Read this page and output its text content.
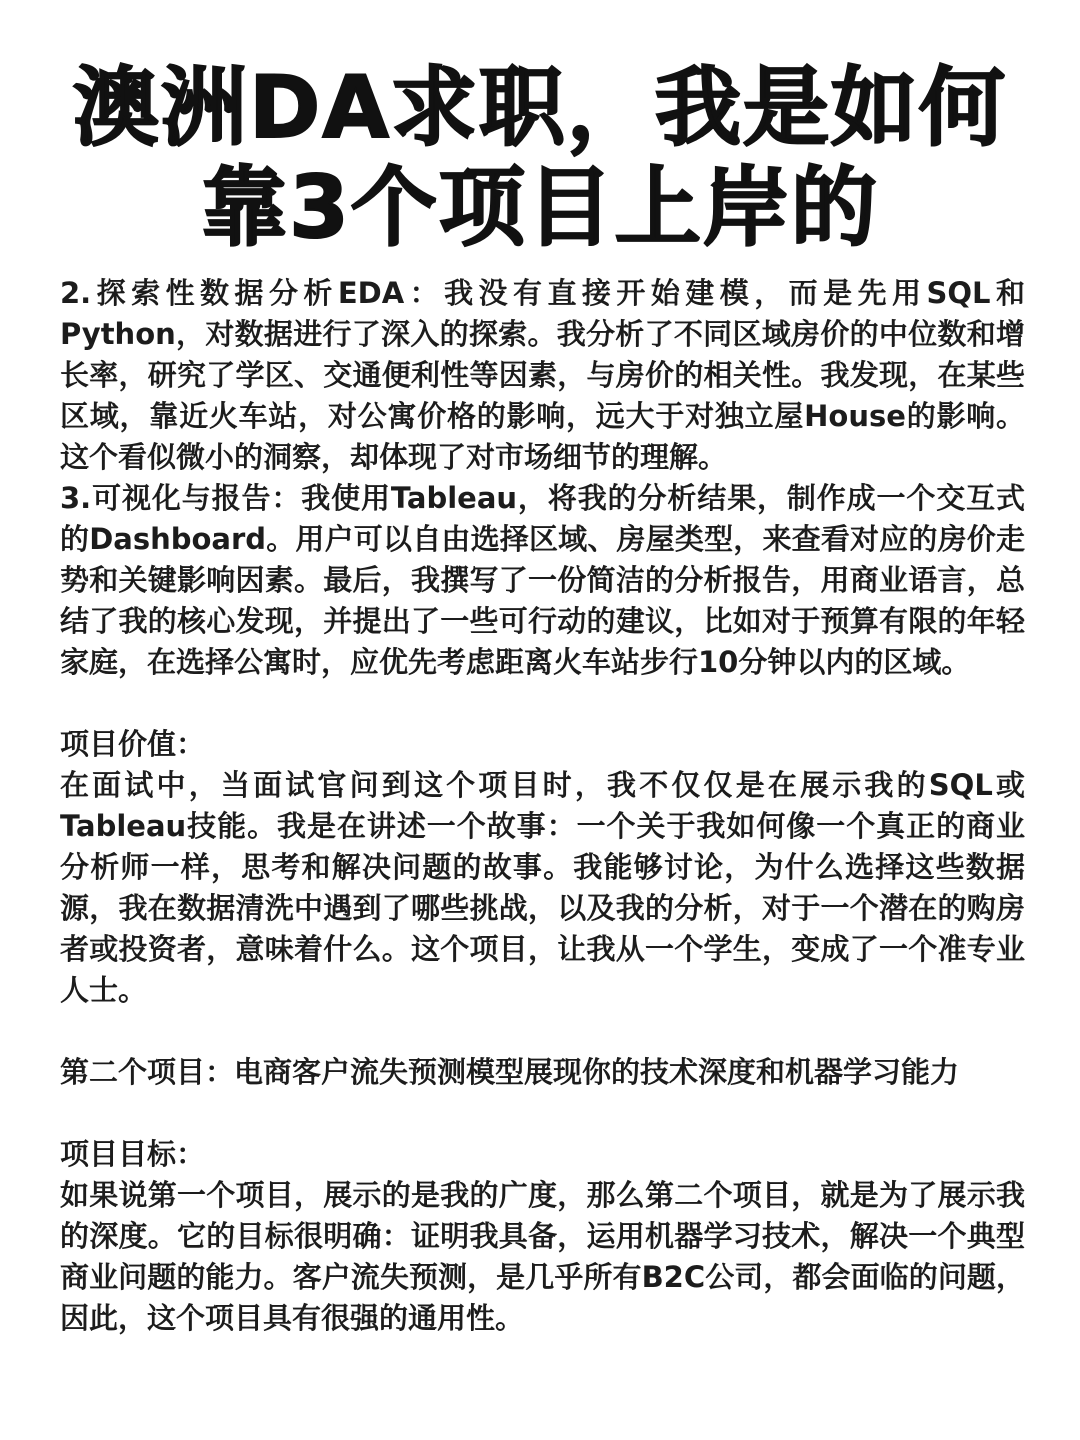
澳洲DA求职，我是如何
靠3个项目上岸的

2.探索性数据分析EDA：我没有直接开始建模，而是先用SQL和Python，对数据进行了深入的探索。我分析了不同区域房价的中位数和增长率，研究了学区、交通便利性等因素，与房价的相关性。我发现，在某些区域，靠近火车站，对公寓价格的影响，远大于对独立屋House的影响。这个看似微小的洞察，却体现了对市场细节的理解。

3.可视化与报告：我使用Tableau，将我的分析结果，制作成一个交互式的Dashboard。用户可以自由选择区域、房屋类型，来查看对应的房价走势和关键影响因素。最后，我撰写了一份简洁的分析报告，用商业语言，总结了我的核心发现，并提出了一些可行动的建议，比如对于预算有限的年轻家庭，在选择公寓时，应优先考虑距离火车站步行10分钟以内的区域。

项目价值：

在面试中，当面试官问到这个项目时，我不仅仅是在展示我的SQL或Tableau技能。我是在讲述一个故事：一个关于我如何像一个真正的商业分析师一样，思考和解决问题的故事。我能够讨论，为什么选择这些数据源，我在数据清洗中遇到了哪些挑战，以及我的分析，对于一个潜在的购房者或投资者，意味着什么。这个项目，让我从一个学生，变成了一个准专业人士。

第二个项目：电商客户流失预测模型展现你的技术深度和机器学习能力

项目目标：

如果说第一个项目，展示的是我的广度，那么第二个项目，就是为了展示我的深度。它的目标很明确：证明我具备，运用机器学习技术，解决一个典型商业问题的能力。客户流失预测，是几乎所有B2C公司，都会面临的问题，因此，这个项目具有很强的通用性。
